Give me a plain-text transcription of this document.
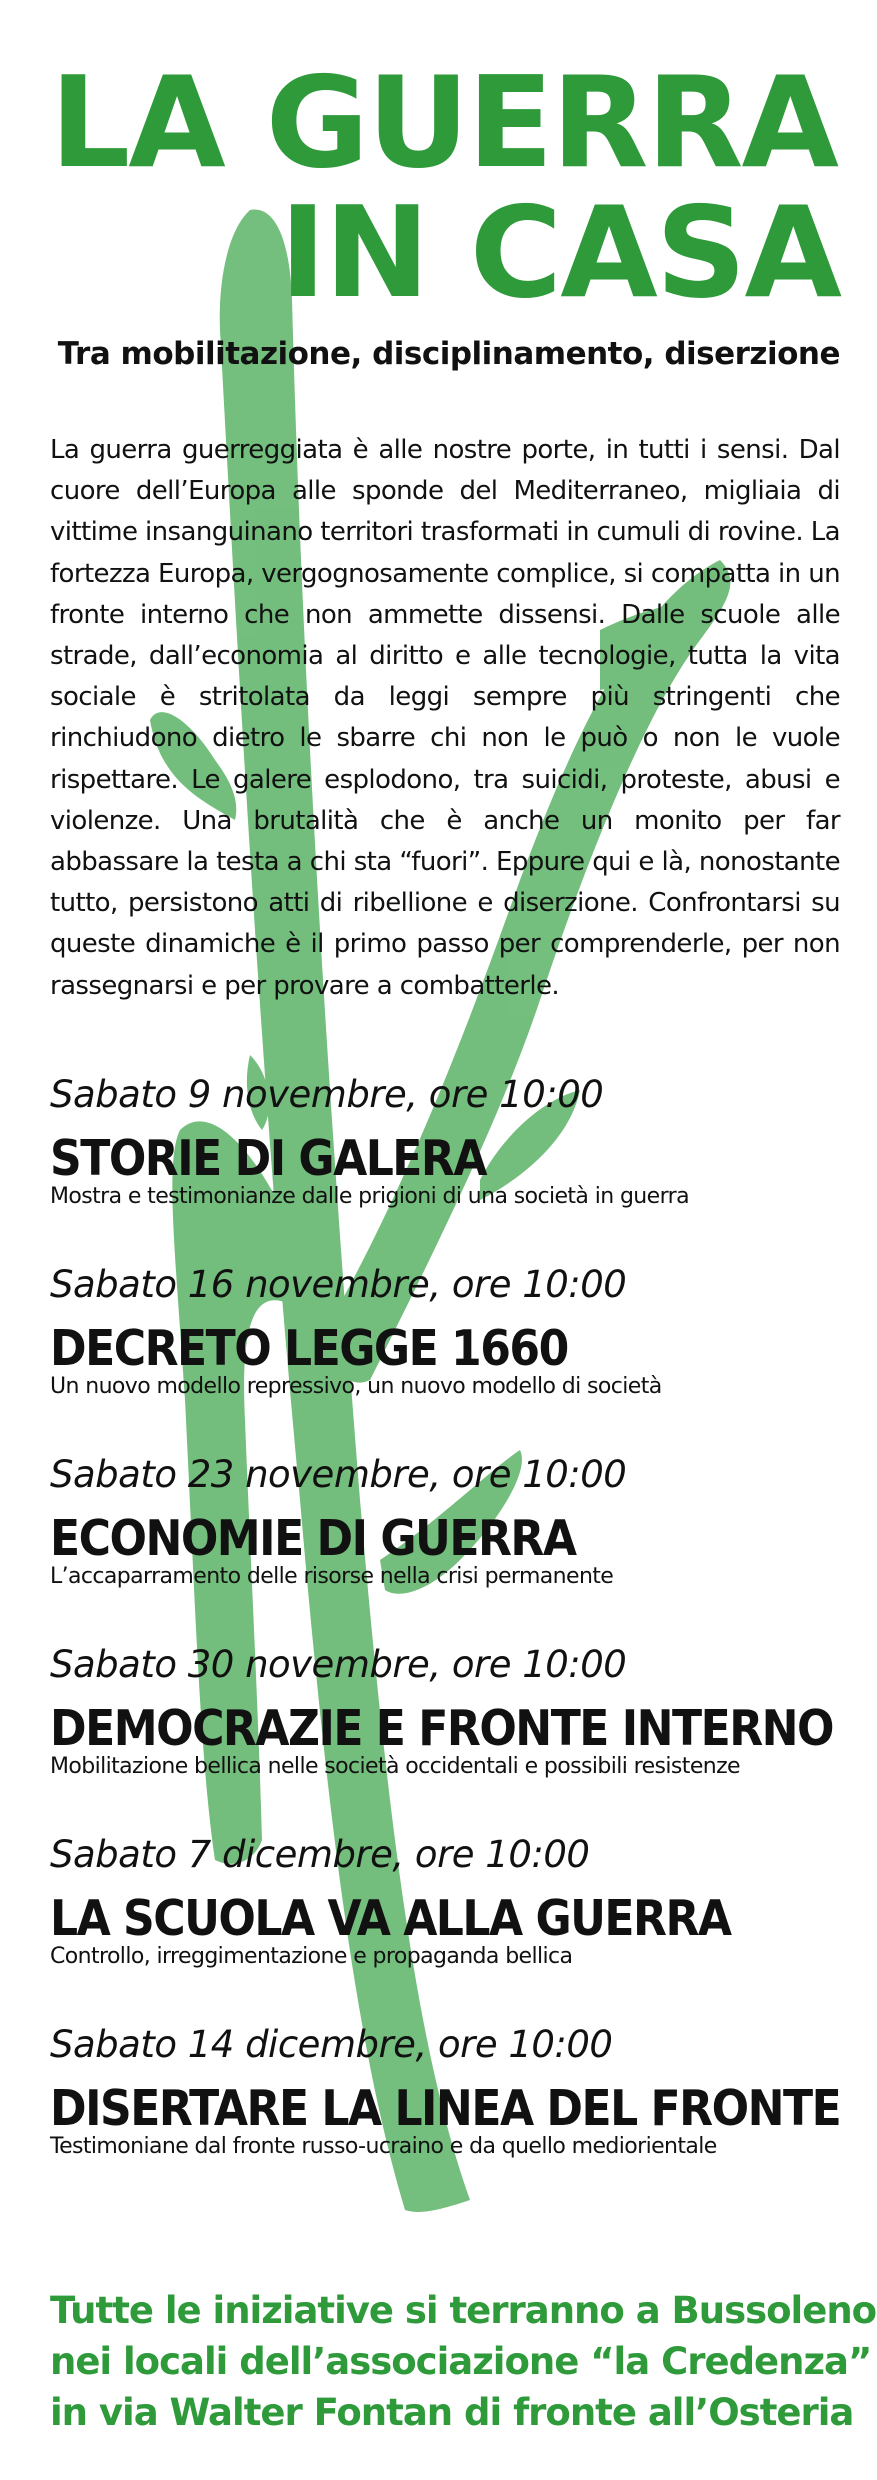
LA GUERRA
IN CASA

Tra mobilitazione, disciplinamento, diserzione

La guerra guerreggiata è alle nostre porte, in tutti i sensi. Dal cuore dell’Europa alle sponde del Mediterraneo, migliaia di vittime insanguinano territori trasformati in cumuli di rovine. La fortezza Europa, vergognosamente complice, si compatta in un fronte interno che non ammette dissensi. Dalle scuole alle strade, dall’economia al diritto e alle tecnologie, tutta la vita sociale è stritolata da leggi sempre più stringenti che rinchiudono dietro le sbarre chi non le può o non le vuole rispettare. Le galere esplodono, tra suicidi, proteste, abusi e violenze. Una brutalità che è anche un monito per far abbassare la testa a chi sta “fuori”. Eppure qui e là, nonostante tutto, persistono atti di ribellione e diserzione. Confrontarsi su queste dinamiche è il primo passo per comprenderle, per non rassegnarsi e per provare a combatterle.

Sabato 9 novembre, ore 10:00

STORIE DI GALERA

Mostra e testimonianze dalle prigioni di una società in guerra

Sabato 16 novembre, ore 10:00

DECRETO LEGGE 1660

Un nuovo modello repressivo, un nuovo modello di società

Sabato 23 novembre, ore 10:00

ECONOMIE DI GUERRA

L’accaparramento delle risorse nella crisi permanente

Sabato 30 novembre, ore 10:00

DEMOCRAZIE E FRONTE INTERNO

Mobilitazione bellica nelle società occidentali e possibili resistenze

Sabato 7 dicembre, ore 10:00

LA SCUOLA VA ALLA GUERRA

Controllo, irreggimentazione e propaganda bellica

Sabato 14 dicembre, ore 10:00

DISERTARE LA LINEA DEL FRONTE

Testimoniane dal fronte russo-ucraino e da quello mediorientale

Tutte le iniziative si terranno a Bussoleno
nei locali dell’associazione “la Credenza”
in via Walter Fontan di fronte all’Osteria
